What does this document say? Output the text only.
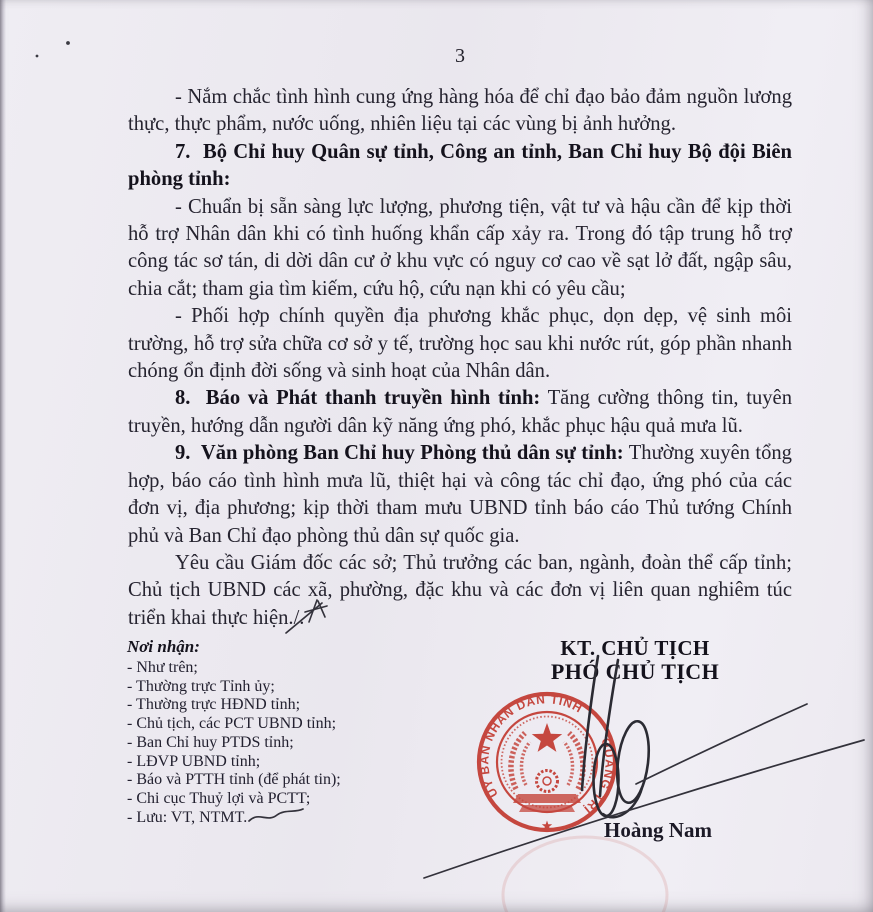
3

- Nắm chắc tình hình cung ứng hàng hóa để chỉ đạo bảo đảm nguồn lương thực, thực phẩm, nước uống, nhiên liệu tại các vùng bị ảnh hưởng.

7.  Bộ Chỉ huy Quân sự tỉnh, Công an tỉnh, Ban Chỉ huy Bộ đội Biên phòng tỉnh:

- Chuẩn bị sẵn sàng lực lượng, phương tiện, vật tư và hậu cần để kịp thời hỗ trợ Nhân dân khi có tình huống khẩn cấp xảy ra. Trong đó tập trung hỗ trợ công tác sơ tán, di dời dân cư ở khu vực có nguy cơ cao về sạt lở đất, ngập sâu, chia cắt; tham gia tìm kiếm, cứu hộ, cứu nạn khi có yêu cầu;

- Phối hợp chính quyền địa phương khắc phục, dọn dẹp, vệ sinh môi trường, hỗ trợ sửa chữa cơ sở y tế, trường học sau khi nước rút, góp phần nhanh chóng ổn định đời sống và sinh hoạt của Nhân dân.

8.  Báo và Phát thanh truyền hình tỉnh: Tăng cường thông tin, tuyên truyền, hướng dẫn người dân kỹ năng ứng phó, khắc phục hậu quả mưa lũ.

9.  Văn phòng Ban Chỉ huy Phòng thủ dân sự tỉnh: Thường xuyên tổng hợp, báo cáo tình hình mưa lũ, thiệt hại và công tác chỉ đạo, ứng phó của các đơn vị, địa phương; kịp thời tham mưu UBND tỉnh báo cáo Thủ tướng Chính phủ và Ban Chỉ đạo phòng thủ dân sự quốc gia.

Yêu cầu Giám đốc các sở; Thủ trưởng các ban, ngành, đoàn thể cấp tỉnh; Chủ tịch UBND các xã, phường, đặc khu và các đơn vị liên quan nghiêm túc triển khai thực hiện./.

Nơi nhận:
- Như trên;
- Thường trực Tỉnh ủy;
- Thường trực HĐND tỉnh;
- Chủ tịch, các PCT UBND tỉnh;
- Ban Chỉ huy PTDS tỉnh;
- LĐVP UBND tỉnh;
- Báo và PTTH tỉnh (để phát tin);
- Chi cục Thuỷ lợi và PCTT;
- Lưu: VT, NTMT.
KT. CHỦ TỊCH
PHÓ CHỦ TỊCH
Hoàng Nam
ỦY BAN NHÂN DÂN TỈNH
QUẢNG TRỊ
